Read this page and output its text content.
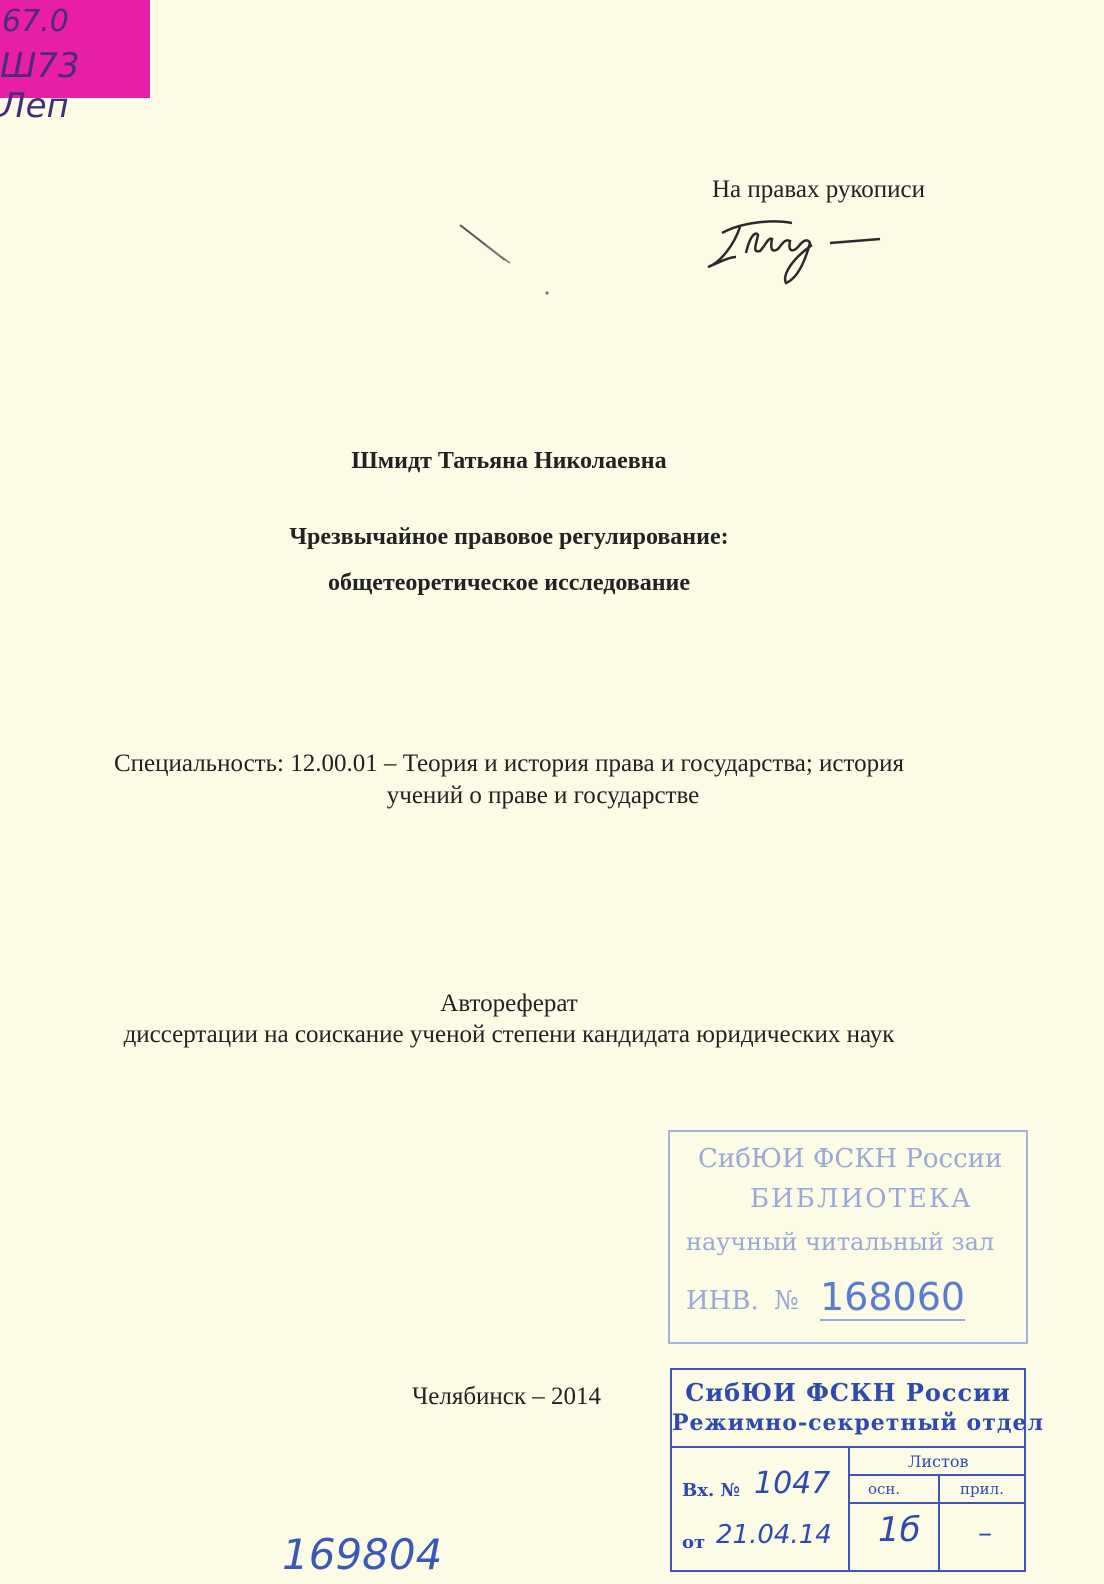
67.0
Ш73 Леп
На правах рукописи
Шмидт Татьяна Николаевна
Чрезвычайное правовое регулирование:
общетеоретическое исследование
Специальность: 12.00.01 – Теория и история права и государства; история
учений о праве и государстве
Автореферат
диссертации на соискание ученой степени кандидата юридических наук
Челябинск – 2014
СибЮИ ФСКН России
БИБЛИОТЕКА
научный читальный зал
ИНВ. № 168060
СибЮИ ФСКН России
Режимно-секретный отдел
Листов
осн.	прил.
Вх. № 1047
от 21.04.14 1б –
169804
